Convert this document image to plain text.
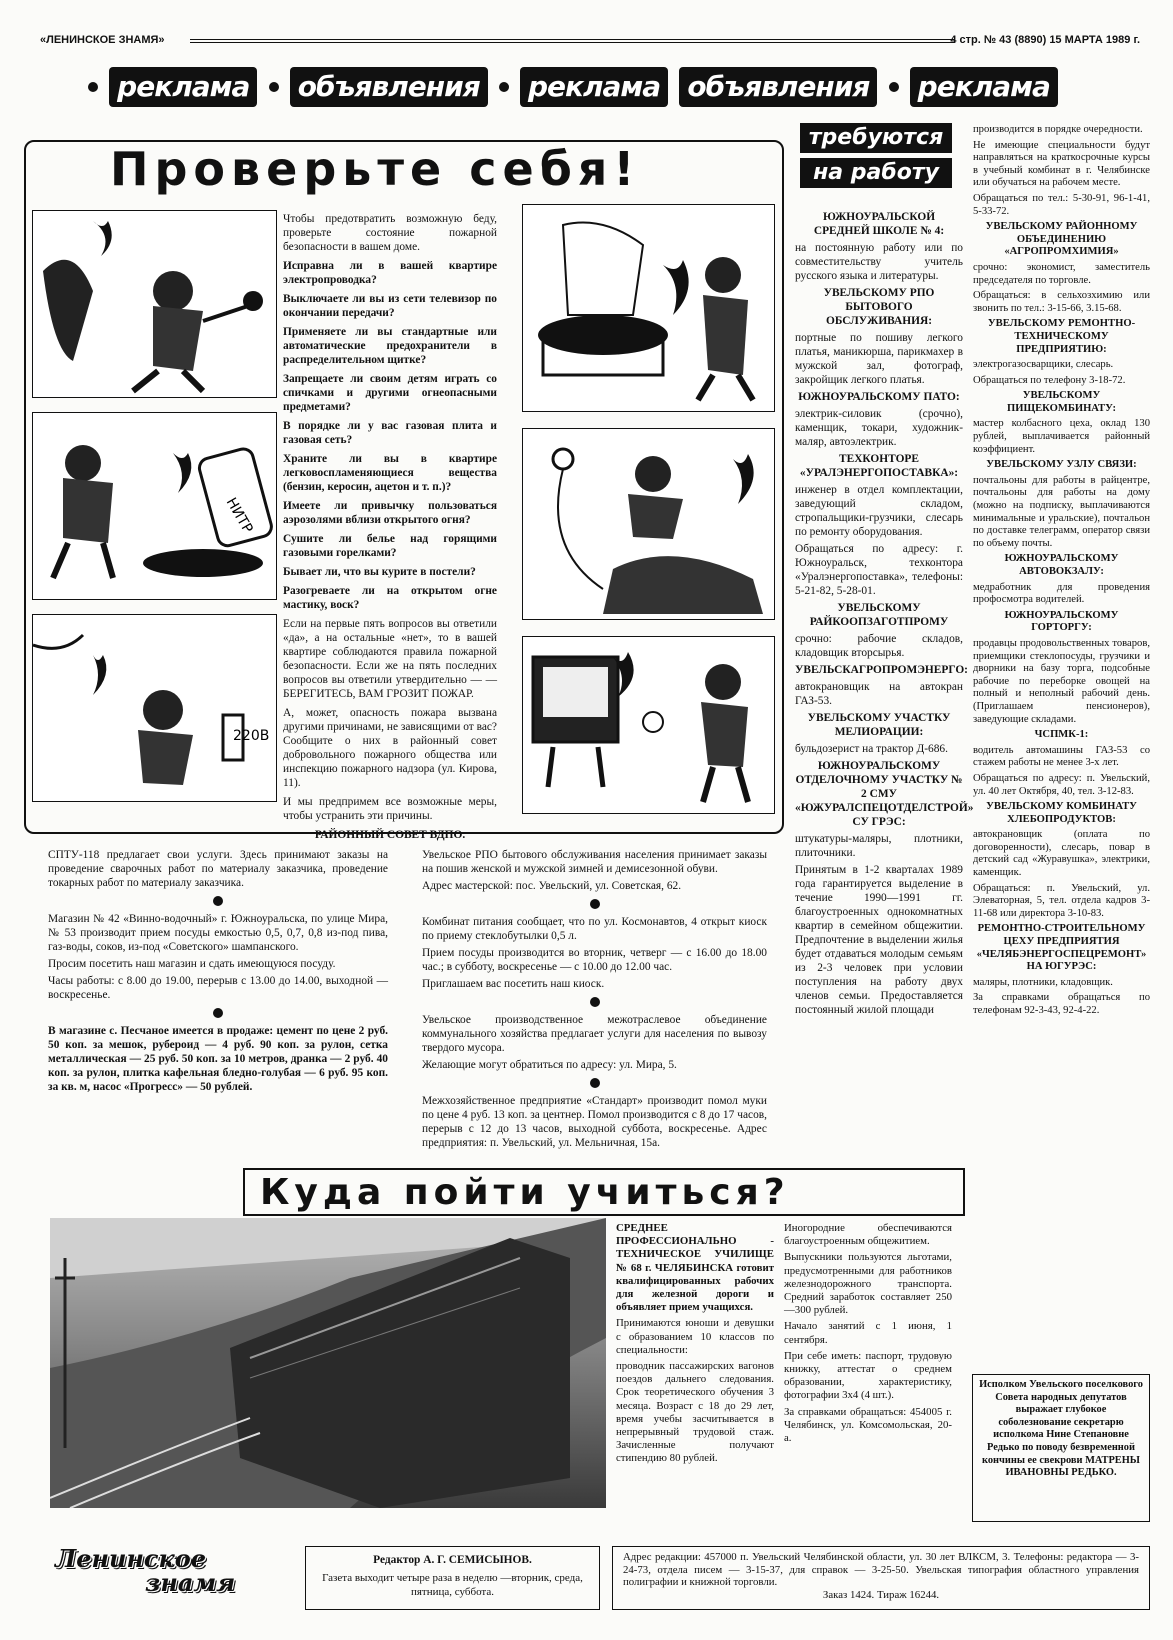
«ЛЕНИНСКОЕ ЗНАМЯ»	4 стр. № 43 (8890) 15 МАРТА 1989 г.
реклама объявления реклама объявления реклама
Проверьте себя!
НИТР
220В

Чтобы предотвратить возможную беду, проверьте состояние пожарной безопасности в вашем доме.

Исправна ли в вашей квартире электропроводка?

Выключаете ли вы из сети телевизор по окончании передачи?

Применяете ли вы стандартные или автоматические предохранители в распределительном щитке?

Запрещаете ли своим детям играть со спичками и другими огнеопасными предметами?

В порядке ли у вас газовая плита и газовая сеть?

Храните ли вы в квартире легковоспламеняющиеся вещества (бензин, керосин, ацетон и т. п.)?

Имеете ли привычку пользоваться аэрозолями вблизи открытого огня?

Сушите ли белье над горящими газовыми горелками?

Бывает ли, что вы курите в постели?

Разогреваете ли на открытом огне мастику, воск?

Если на первые пять вопросов вы ответили «да», а на остальные «нет», то в вашей квартире соблюдаются правила пожарной безопасности. Если же на пять последних вопросов вы ответили утвердительно — — БЕРЕГИТЕСЬ, ВАМ ГРОЗИТ ПОЖАР.

А, может, опасность пожара вызвана другими причинами, не зависящими от вас? Сообщите о них в районный совет добровольного пожарного общества или инспекцию пожарного надзора (ул. Кирова, 11).

И мы предпримем все возможные меры, чтобы устранить эти причины.

РАЙОННЫЙ СОВЕТ ВДПО.

требуются
на работу

ЮЖНОУРАЛЬСКОЙ СРЕДНЕЙ ШКОЛЕ № 4:

на постоянную работу или по совместительству учитель русского языка и литературы.

УВЕЛЬСКОМУ РПО БЫТОВОГО ОБСЛУЖИВАНИЯ:

портные по пошиву легкого платья, маникюрша, парикмахер в мужской зал, фотограф, закройщик легкого платья.

ЮЖНОУРАЛЬСКОМУ ПАТО:

электрик-силовик (срочно), каменщик, токари, художник-маляр, автоэлектрик.

ТЕХКОНТОРЕ «УРАЛЭНЕРГОПОСТАВКА»:

инженер в отдел комплектации, заведующий складом, стропальщики-грузчики, слесарь по ремонту оборудования.

Обращаться по адресу: г. Южноуральск, техконтора «Уралэнергопоставка», телефоны: 5-21-82, 5-28-01.

УВЕЛЬСКОМУ РАЙКООПЗАГОТПРОМУ

срочно: рабочие складов, кладовщик вторсырья.

УВЕЛЬСКАГРОПРОМЭНЕРГО:

автокрановщик на автокран ГАЗ-53.

УВЕЛЬСКОМУ УЧАСТКУ МЕЛИОРАЦИИ:

бульдозерист на трактор Д-686.

ЮЖНОУРАЛЬСКОМУ ОТДЕЛОЧНОМУ УЧАСТКУ № 2 СМУ «ЮЖУРАЛСПЕЦОТДЕЛСТРОЙ» СУ ГРЭС:

штукатуры-маляры, плотники, плиточники.

Принятым в 1-2 кварталах 1989 года гарантируется выделение в течение 1990—1991 гг. благоустроенных однокомнатных квартир в семейном общежитии. Предпочтение в выделении жилья будет отдаваться молодым семьям из 2-3 человек при условии поступления на работу двух членов семьи. Предоставляется постоянный жилой площади

производится в порядке очередности.

Не имеющие специальности будут направляться на краткосрочные курсы в учебный комбинат в г. Челябинске или обучаться на рабочем месте.

Обращаться по тел.: 5-30-91, 96-1-41, 5-33-72.

УВЕЛЬСКОМУ РАЙОННОМУ ОБЪЕДИНЕНИЮ «АГРОПРОМХИМИЯ»

срочно: экономист, заместитель председателя по торговле.

Обращаться: в сельхозхимию или звонить по тел.: 3-15-66, 3.15-68.

УВЕЛЬСКОМУ РЕМОНТНО-ТЕХНИЧЕСКОМУ ПРЕДПРИЯТИЮ:

электрогазосварщики, слесарь.

Обращаться по телефону 3-18-72.

УВЕЛЬСКОМУ ПИЩЕКОМБИНАТУ:

мастер колбасного цеха, оклад 130 рублей, выплачивается районный коэффициент.

УВЕЛЬСКОМУ УЗЛУ СВЯЗИ:

почтальоны для работы в райцентре, почтальоны для работы на дому (можно на подписку, выплачиваются минимальные и уральские), почтальон по доставке телеграмм, оператор связи по объему почты.

ЮЖНОУРАЛЬСКОМУ АВТОВОКЗАЛУ:

медработник для проведения профосмотра водителей.

ЮЖНОУРАЛЬСКОМУ ГОРТОРГУ:

продавцы продовольственных товаров, приемщики стеклопосуды, грузчики и дворники на базу торга, подсобные рабочие по переборке овощей на полный и неполный рабочий день. (Приглашаем пенсионеров), заведующие складами.

ЧСПМК-1:

водитель автомашины ГАЗ-53 со стажем работы не менее 3-х лет.

Обращаться по адресу: п. Увельский, ул. 40 лет Октября, 40, тел. 3-12-83.

УВЕЛЬСКОМУ КОМБИНАТУ ХЛЕБОПРОДУКТОВ:

автокрановщик (оплата по договоренности), слесарь, повар в детский сад «Журавушка», электрики, каменщик.

Обращаться: п. Увельский, ул. Элеваторная, 5, тел. отдела кадров 3-11-68 или директора 3-10-83.

РЕМОНТНО-СТРОИТЕЛЬНОМУ ЦЕХУ ПРЕДПРИЯТИЯ «ЧЕЛЯБЭНЕРГОСПЕЦРЕМОНТ» НА ЮГУРЭС:

маляры, плотники, кладовщик.

За справками обращаться по телефонам 92-3-43, 92-4-22.

Исполком Увельского поселкового Совета народных депутатов выражает глубокое соболезнование секретарю исполкома Нине Степановне Редько по поводу безвременной кончины ее свекрови МАТРЕНЫ ИВАНОВНЫ РЕДЬКО.

СПТУ-118 предлагает свои услуги. Здесь принимают заказы на проведение сварочных работ по материалу заказчика, проведение токарных работ по материалу заказчика.

Магазин № 42 «Винно-водочный» г. Южноуральска, по улице Мира, № 53 производит прием посуды емкостью 0,5, 0,7, 0,8 из-под пива, газ-воды, соков, из-под «Советского» шампанского.

Просим посетить наш магазин и сдать имеющуюся посуду.

Часы работы: с 8.00 до 19.00, перерыв с 13.00 до 14.00, выходной — воскресенье.

В магазине с. Песчаное имеется в продаже: цемент по цене 2 руб. 50 коп. за мешок, рубероид — 4 руб. 90 коп. за рулон, сетка металлическая — 25 руб. 50 коп. за 10 метров, дранка — 2 руб. 40 коп. за рулон, плитка кафельная бледно-голубая — 6 руб. 95 коп. за кв. м, насос «Прогресс» — 50 рублей.

Увельское РПО бытового обслуживания населения принимает заказы на пошив женской и мужской зимней и демисезонной обуви.

Адрес мастерской: пос. Увельский, ул. Советская, 62.

Комбинат питания сообщает, что по ул. Космонавтов, 4 открыт киоск по приему стеклобутылки 0,5 л.

Прием посуды производится во вторник, четверг — с 16.00 до 18.00 час.; в субботу, воскресенье — с 10.00 до 12.00 час.

Приглашаем вас посетить наш киоск.

Увельское производственное межотраслевое объединение коммунального хозяйства предлагает услуги для населения по вывозу твердого мусора.

Желающие могут обратиться по адресу: ул. Мира, 5.

Межхозяйственное предприятие «Стандарт» производит помол муки по цене 4 руб. 13 коп. за центнер. Помол производится с 8 до 17 часов, перерыв с 12 до 13 часов, выходной суббота, воскресенье. Адрес предприятия: п. Увельский, ул. Мельничная, 15а.

Куда пойти учиться?

СРЕДНЕЕ ПРОФЕССИОНАЛЬНО - ТЕХНИЧЕСКОЕ УЧИЛИЩЕ № 68 г. ЧЕЛЯБИНСКА готовит квалифицированных рабочих для железной дороги и объявляет прием учащихся.

Принимаются юноши и девушки с образованием 10 классов по специальности:

проводник пассажирских вагонов поездов дальнего следования. Срок теоретического обучения 3 месяца. Возраст с 18 до 29 лет, время учебы засчитывается в непрерывный трудовой стаж. Зачисленные получают стипендию 80 рублей.

Иногородние обеспечиваются благоустроенным общежитием.

Выпускники пользуются льготами, предусмотренными для работников железнодорожного транспорта. Средний заработок составляет 250—300 рублей.

Начало занятий с 1 июня, 1 сентября.

При себе иметь: паспорт, трудовую книжку, аттестат о среднем образовании, характеристику, фотографии 3х4 (4 шт.).

За справками обращаться: 454005 г. Челябинск, ул. Комсомольская, 20-а.

Ленинское
знамя
Редактор А. Г. СЕМИСЫНОВ.
Газета выходит четыре раза в неделю —вторник, среда, пятница, суббота.
Адрес редакции: 457000 п. Увельский Челябинской области, ул. 30 лет ВЛКСМ, 3. Телефоны: редактора — 3-24-73, отдела писем — 3-15-37, для справок — 3-25-50. Увельская типография областного управления полиграфии и книжной торговли.
Заказ 1424. Тираж 16244.
